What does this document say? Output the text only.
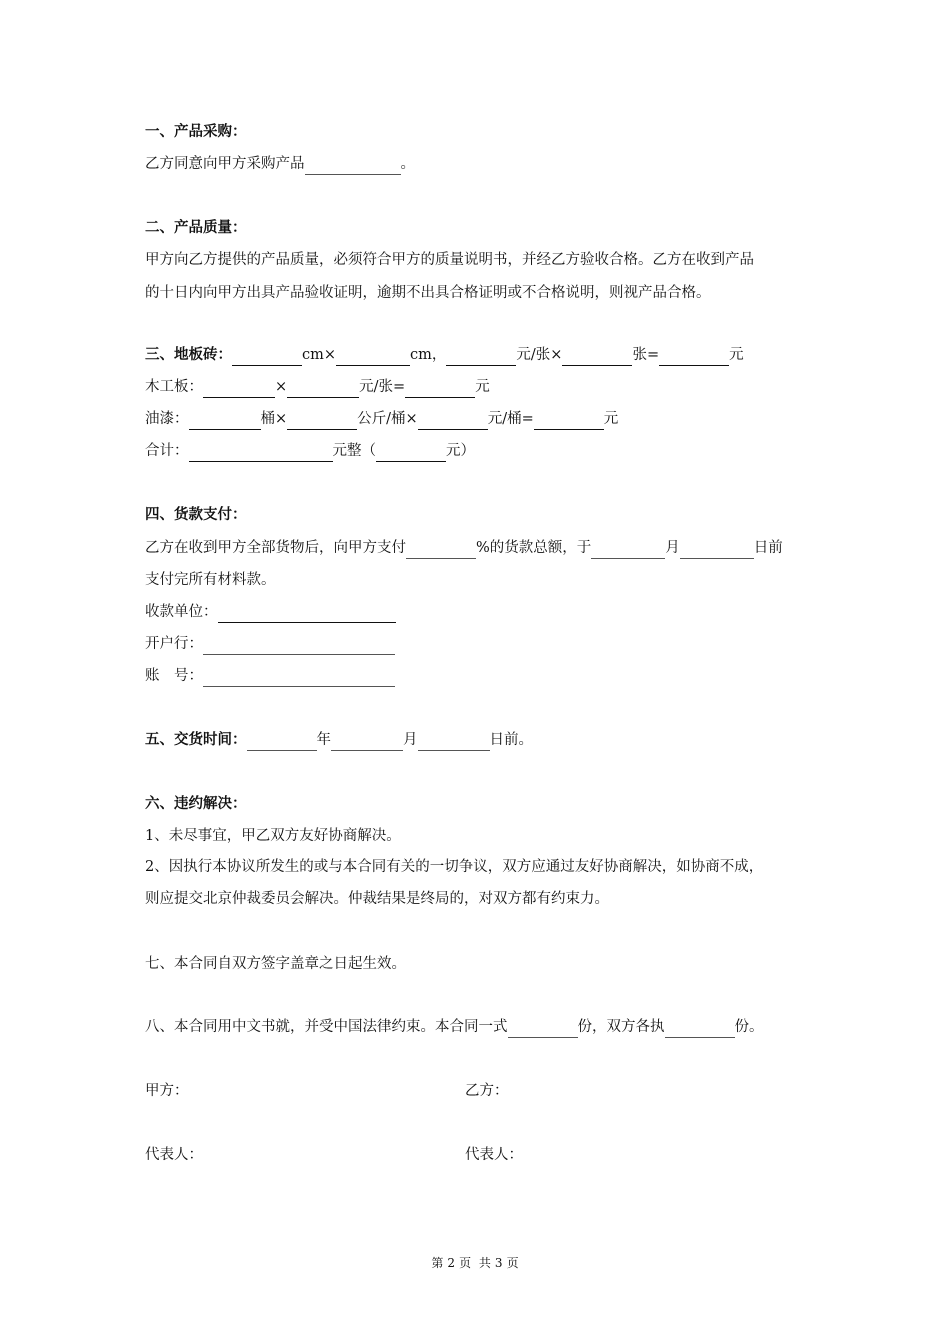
一、产品采购：
乙方同意向甲方采购产品	。
二、产品质量：
甲方向乙方提供的产品质量，必须符合甲方的质量说明书，并经乙方验收合格。乙方在收到产品
的十日内向甲方出具产品验收证明，逾期不出具合格证明或不合格说明，则视产品合格。
三、地板砖：	cm×	cm，	元/张×	张=	元
木工板：	×	元/张=	元
油漆：	桶×	公斤/桶×	元/桶=	元
合计：	元整（	元）
四、货款支付：
乙方在收到甲方全部货物后，向甲方支付	%的货款总额，于	月	日前
支付完所有材料款。
收款单位：
开户行：
账　号：
五、交货时间：	年	月	日前。
六、违约解决：
1、未尽事宜，甲乙双方友好协商解决。
2、因执行本协议所发生的或与本合同有关的一切争议，双方应通过友好协商解决，如协商不成，
则应提交北京仲裁委员会解决。仲裁结果是终局的，对双方都有约束力。
七、本合同自双方签字盖章之日起生效。
八、本合同用中文书就，并受中国法律约束。本合同一式	份，双方各执	份。
甲方：	乙方：
代表人：	代表人：
第 2 页 共 3 页
